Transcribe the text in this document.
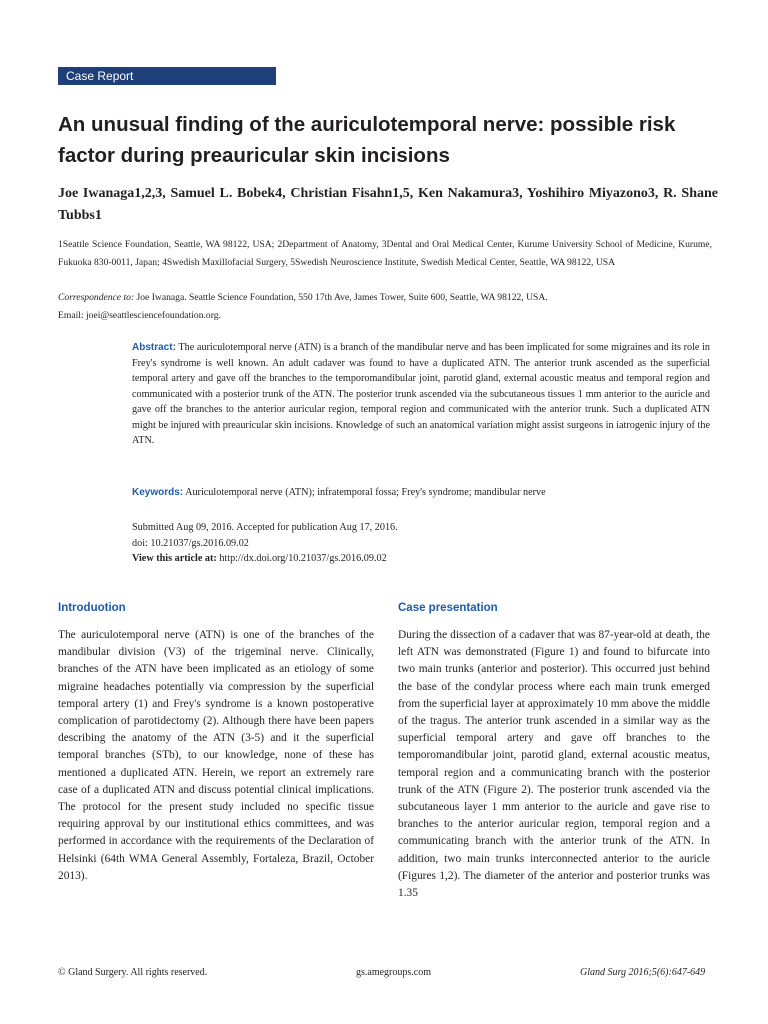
Case Report
An unusual finding of the auriculotemporal nerve: possible risk factor during preauricular skin incisions
Joe Iwanaga1,2,3, Samuel L. Bobek4, Christian Fisahn1,5, Ken Nakamura3, Yoshihiro Miyazono3, R. Shane Tubbs1
1Seattle Science Foundation, Seattle, WA 98122, USA; 2Department of Anatomy, 3Dental and Oral Medical Center, Kurume University School of Medicine, Kurume, Fukuoka 830-0011, Japan; 4Swedish Maxillofacial Surgery, 5Swedish Neuroscience Institute, Swedish Medical Center, Seattle, WA 98122, USA
Correspondence to: Joe Iwanaga. Seattle Science Foundation, 550 17th Ave, James Tower, Suite 600, Seattle, WA 98122, USA.
Email: joei@seattlesciencefoundation.org.
Abstract: The auriculotemporal nerve (ATN) is a branch of the mandibular nerve and has been implicated for some migraines and its role in Frey's syndrome is well known. An adult cadaver was found to have a duplicated ATN. The anterior trunk ascended as the superficial temporal artery and gave off the branches to the temporomandibular joint, parotid gland, external acoustic meatus and temporal region and communicated with a posterior trunk of the ATN. The posterior trunk ascended via the subcutaneous tissues 1 mm anterior to the auricle and gave off the branches to the anterior auricular region, temporal region and communicated with the anterior trunk. Such a duplicated ATN might be injured with preauricular skin incisions. Knowledge of such an anatomical variation might assist surgeons in iatrogenic injury of the ATN.
Keywords: Auriculotemporal nerve (ATN); infratemporal fossa; Frey's syndrome; mandibular nerve
Submitted Aug 09, 2016. Accepted for publication Aug 17, 2016.
doi: 10.21037/gs.2016.09.02
View this article at: http://dx.doi.org/10.21037/gs.2016.09.02
Introduotion
The auriculotemporal nerve (ATN) is one of the branches of the mandibular division (V3) of the trigeminal nerve. Clinically, branches of the ATN have been implicated as an etiology of some migraine headaches potentially via compression by the superficial temporal artery (1) and Frey's syndrome is a known postoperative complication of parotidectomy (2). Although there have been papers describing the anatomy of the ATN (3-5) and it the superficial temporal branches (STb), to our knowledge, none of these has mentioned a duplicated ATN. Herein, we report an extremely rare case of a duplicated ATN and discuss potential clinical implications. The protocol for the present study included no specific tissue requiring approval by our institutional ethics committees, and was performed in accordance with the requirements of the Declaration of Helsinki (64th WMA General Assembly, Fortaleza, Brazil, October 2013).
Case presentation
During the dissection of a cadaver that was 87-year-old at death, the left ATN was demonstrated (Figure 1) and found to bifurcate into two main trunks (anterior and posterior). This occurred just behind the base of the condylar process where each main trunk emerged from the superficial layer at approximately 10 mm above the middle of the tragus. The anterior trunk ascended in a similar way as the superficial temporal artery and gave off branches to the temporomandibular joint, parotid gland, external acoustic meatus, temporal region and a communicating branch with the posterior trunk of the ATN (Figure 2). The posterior trunk ascended via the subcutaneous layer 1 mm anterior to the auricle and gave rise to branches to the anterior auricular region, temporal region and a communicating branch with the anterior trunk of the ATN. In addition, two main trunks interconnected anterior to the auricle (Figures 1,2). The diameter of the anterior and posterior trunks was 1.35
© Gland Surgery. All rights reserved.	gs.amegroups.com	Gland Surg 2016;5(6):647-649
